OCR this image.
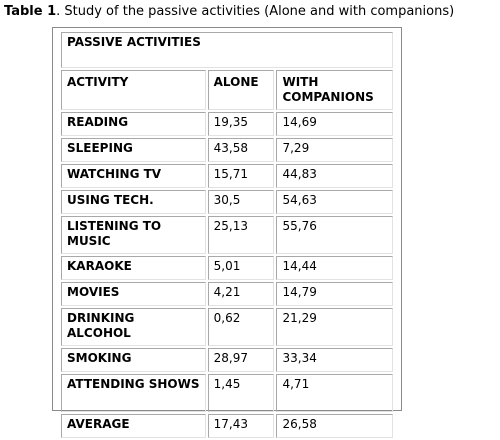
Table 1. Study of the passive activities (Alone and with companions)
PASSIVE ACTIVITIES		
ACTIVITY	ALONE	WITH COMPANIONS
READING	19,35	14,69
SLEEPING	43,58	7,29
WATCHING TV	15,71	44,83
USING TECH.	30,5	54,63
LISTENING TO MUSIC	25,13	55,76
KARAOKE	5,01	14,44
MOVIES	4,21	14,79
DRINKING ALCOHOL	0,62	21,29
SMOKING	28,97	33,34
ATTENDING SHOWS	1,45	4,71
AVERAGE	17,43	26,58
